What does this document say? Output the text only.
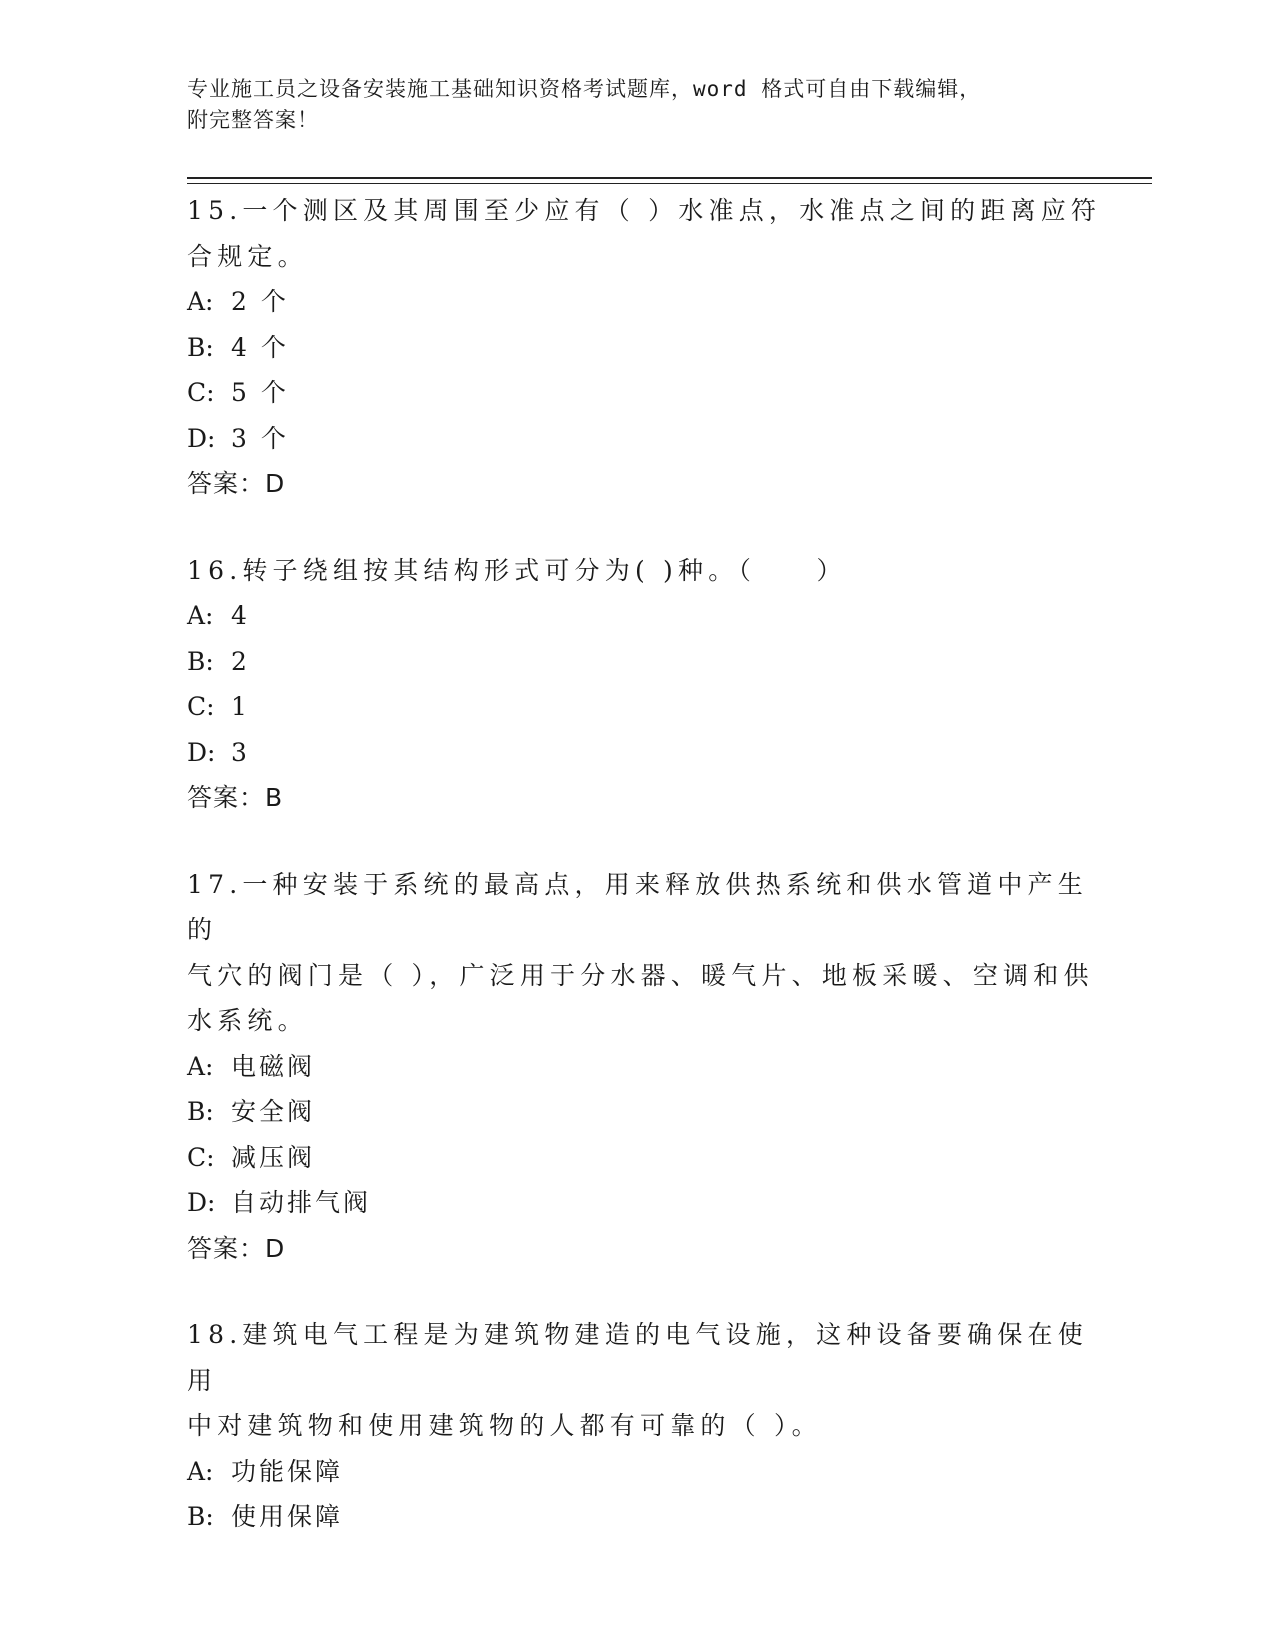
专业施工员之设备安装施工基础知识资格考试题库，word 格式可自由下载编辑，

附完整答案！

15.一个测区及其周围至少应有（ ）水准点，水准点之间的距离应符
合规定。

A: 2 个

B: 4 个

C: 5 个

D: 3 个

答案：D

16.转子绕组按其结构形式可分为( )种。（　　）

A: 4

B: 2

C: 1

D: 3

答案：B

17.一种安装于系统的最高点，用来释放供热系统和供水管道中产生的
气穴的阀门是（ ），广泛用于分水器、暖气片、地板采暖、空调和供
水系统。

A: 电磁阀

B: 安全阀

C: 减压阀

D: 自动排气阀

答案：D

18.建筑电气工程是为建筑物建造的电气设施，这种设备要确保在使用
中对建筑物和使用建筑物的人都有可靠的（ ）。

A: 功能保障

B: 使用保障
